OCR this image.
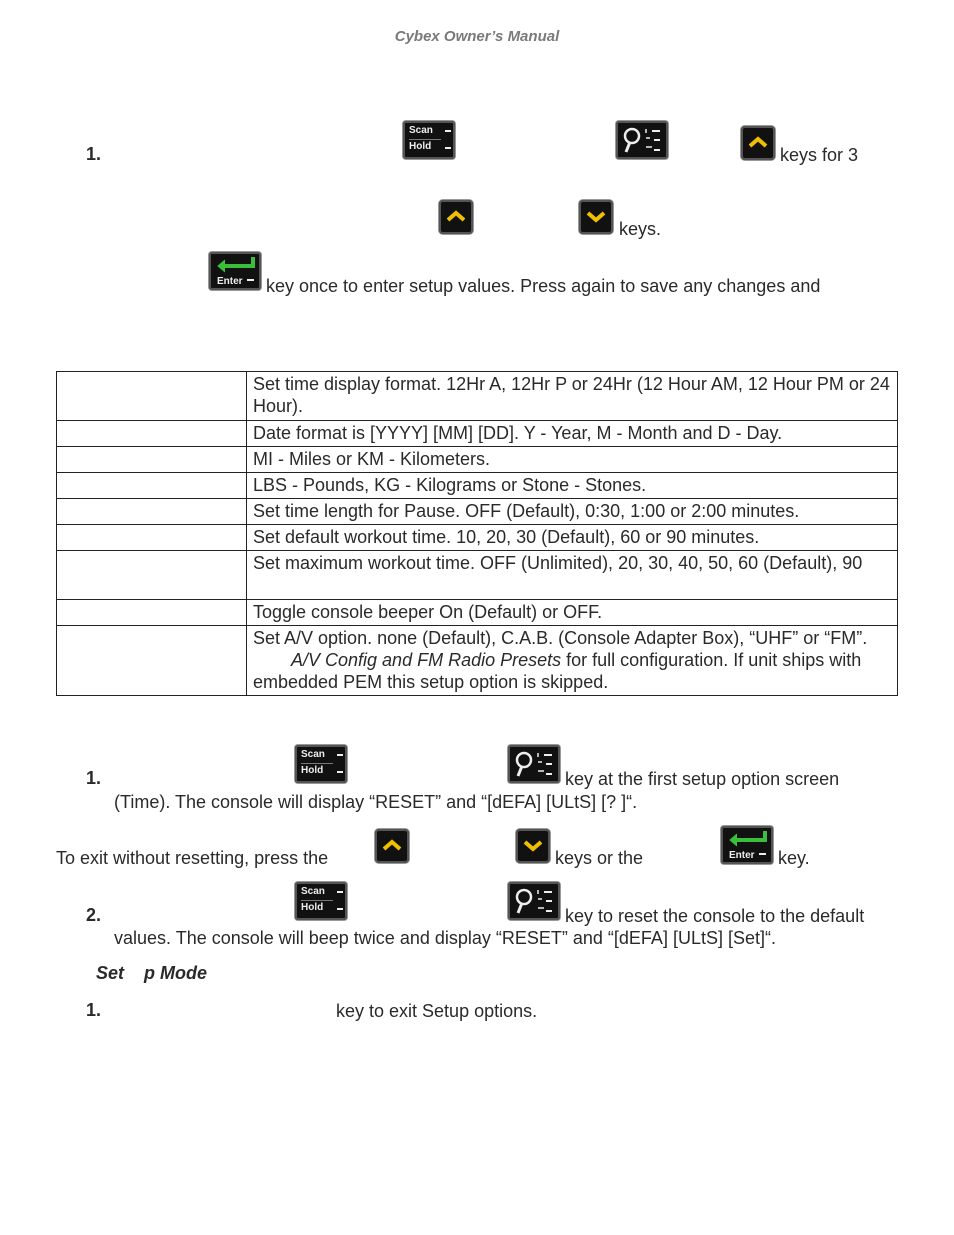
Cybex Owner’s Manual
1.
Scan
Hold	keys for 3
keys.
Enter key once to enter setup values. Press again to save any changes and
	Set time display format. 12Hr A, 12Hr P or 24Hr (12 Hour AM, 12 Hour PM or 24 Hour).
	Date format is [YYYY] [MM] [DD]. Y - Year, M - Month and D - Day.
	MI - Miles or KM - Kilometers.
	LBS - Pounds, KG - Kilograms or Stone - Stones.
	Set time length for Pause. OFF (Default), 0:30, 1:00 or 2:00 minutes.
	Set default workout time. 10, 20, 30 (Default), 60 or 90 minutes.
	Set maximum workout time. OFF (Unlimited), 20, 30, 40, 50, 60 (Default), 90
	Toggle console beeper On (Default) or OFF.

	Set A/V option. none (Default), C.A.B. (Console Adapter Box), “UHF” or “FM”.
A/V Config and FM Radio Presets for full configuration. If unit ships with
embedded PEM this setup option is skipped.
1.
Scan
Hold	key at the first setup option screen
(Time). The console will display “RESET” and “[dEFA] [ULtS] [? ]“.
To exit without resetting, press the	keys or the	Enter key.
2.
Scan
Hold	key to reset the console to the default
values. The console will beep twice and display “RESET” and “[dEFA] [ULtS] [Set]“.
Set    p Mode
1.	key to exit Setup options.
